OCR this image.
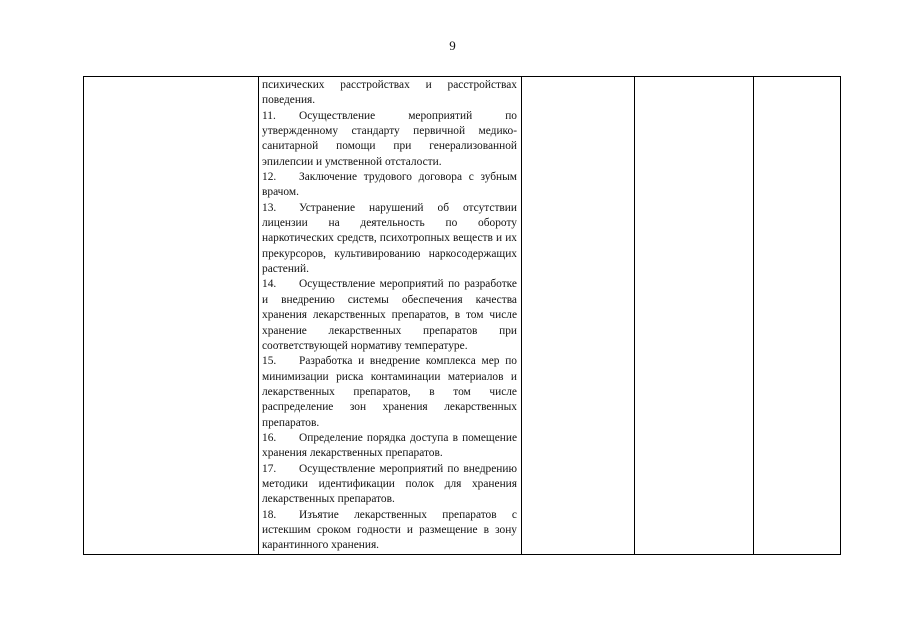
9

психических расстройствах и расстройствах поведения.
11. Осуществление мероприятий по утвержденному стандарту первичной медико-санитарной помощи при генерализованной эпилепсии и умственной отсталости.
12. Заключение трудового договора с зубным врачом.
13. Устранение нарушений об отсутствии лицензии на деятельность по обороту наркотических средств, психотропных веществ и их прекурсоров, культивированию наркосодержащих растений.
14. Осуществление мероприятий по разработке и внедрению системы обеспечения качества хранения лекарственных препаратов, в том числе хранение лекарственных препаратов при соответствующей нормативу температуре.
15. Разработка и внедрение комплекса мер по минимизации риска контаминации материалов и лекарственных препаратов, в том числе распределение зон хранения лекарственных препаратов.
16. Определение порядка доступа в помещение хранения лекарственных препаратов.
17. Осуществление мероприятий по внедрению методики идентификации полок для хранения лекарственных препаратов.
18. Изъятие лекарственных препаратов с истекшим сроком годности и размещение в зону карантинного хранения.
